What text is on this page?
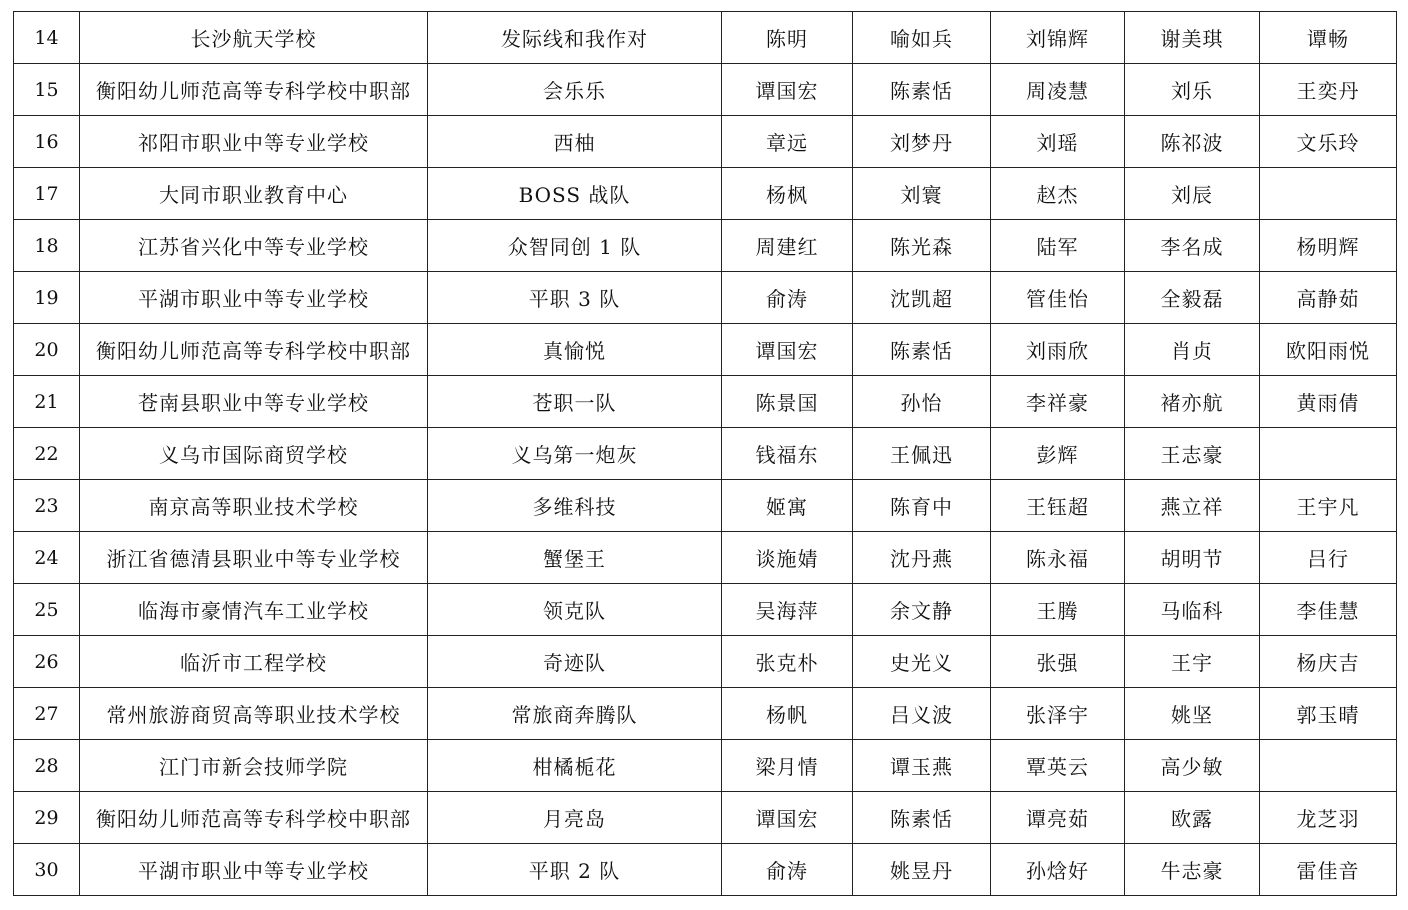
14	长沙航天学校	发际线和我作对	陈明	喻如兵	刘锦辉	谢美琪	谭畅
15	衡阳幼儿师范高等专科学校中职部	会乐乐	谭国宏	陈素恬	周凌慧	刘乐	王奕丹
16	祁阳市职业中等专业学校	西柚	章远	刘梦丹	刘瑶	陈祁波	文乐玲
17	大同市职业教育中心	BOSS 战队	杨枫	刘寰	赵杰	刘辰	
18	江苏省兴化中等专业学校	众智同创 1 队	周建红	陈光森	陆军	李名成	杨明辉
19	平湖市职业中等专业学校	平职 3 队	俞涛	沈凯超	管佳怡	全毅磊	高静茹
20	衡阳幼儿师范高等专科学校中职部	真愉悦	谭国宏	陈素恬	刘雨欣	肖贞	欧阳雨悦
21	苍南县职业中等专业学校	苍职一队	陈景国	孙怡	李祥豪	褚亦航	黄雨倩
22	义乌市国际商贸学校	义乌第一炮灰	钱福东	王佩迅	彭辉	王志豪	
23	南京高等职业技术学校	多维科技	姬寓	陈育中	王钰超	燕立祥	王宇凡
24	浙江省德清县职业中等专业学校	蟹堡王	谈施婧	沈丹燕	陈永福	胡明节	吕行
25	临海市豪情汽车工业学校	领克队	吴海萍	余文静	王腾	马临科	李佳慧
26	临沂市工程学校	奇迹队	张克朴	史光义	张强	王宇	杨庆吉
27	常州旅游商贸高等职业技术学校	常旅商奔腾队	杨帆	吕义波	张泽宇	姚坚	郭玉晴
28	江门市新会技师学院	柑橘栀花	梁月情	谭玉燕	覃英云	高少敏	
29	衡阳幼儿师范高等专科学校中职部	月亮岛	谭国宏	陈素恬	谭亮茹	欧露	龙芝羽
30	平湖市职业中等专业学校	平职 2 队	俞涛	姚昱丹	孙焓好	牛志豪	雷佳音
